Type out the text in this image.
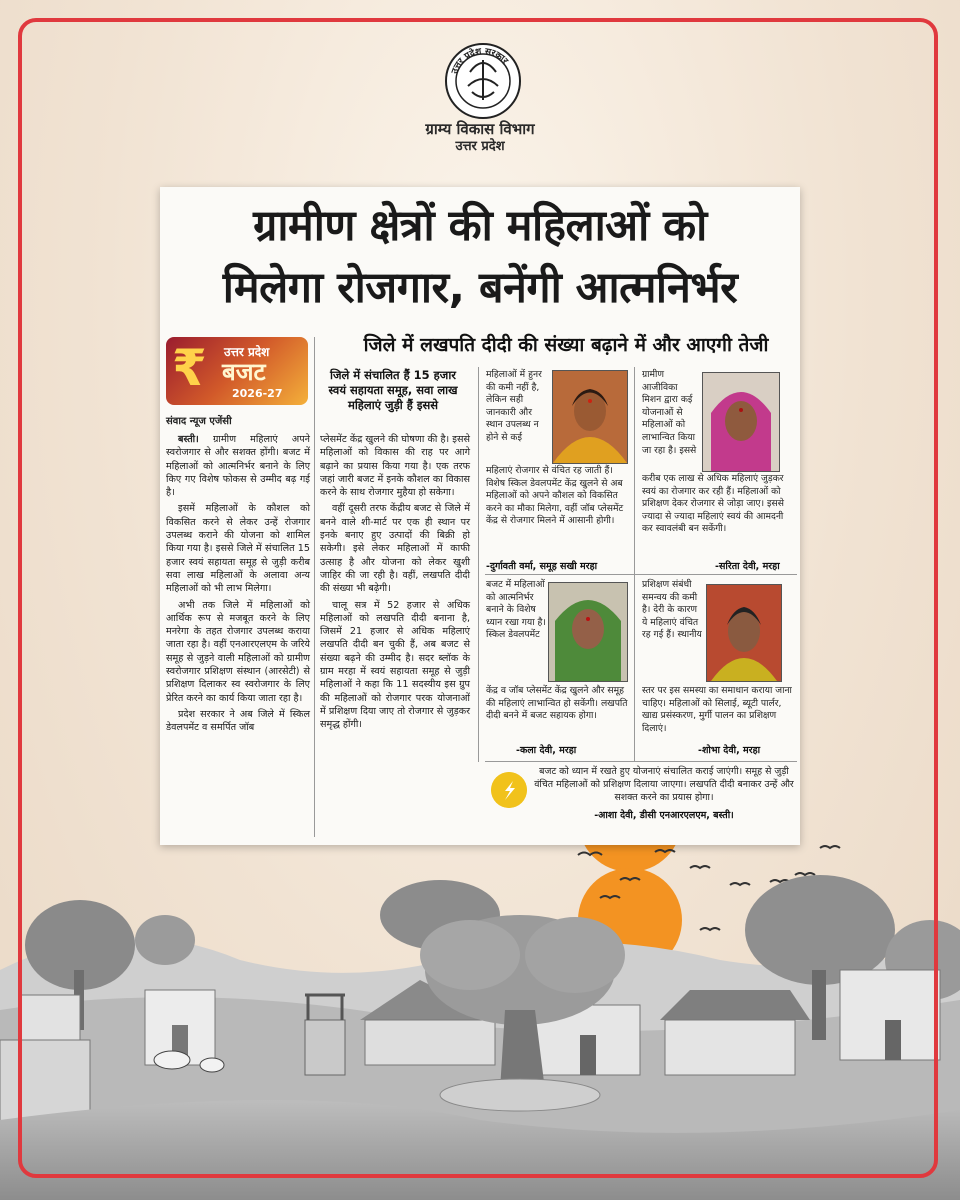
उत्तर प्रदेश सरकार
ग्राम्य विकास विभाग
उत्तर प्रदेश
ग्रामीण क्षेत्रों की महिलाओं को
मिलेगा रोजगार, बनेंगी आत्मनिर्भर
₹ उत्तर प्रदेश
बजट
2026-27
संवाद न्यूज एजेंसी
जिले में लखपति दीदी की संख्या बढ़ाने में और आएगी तेजी
जिले में संचालित हैं 15 हजार स्वयं सहायता समूह, सवा लाख महिलाएं जुड़ी हैं इससे

बस्ती। ग्रामीण महिलाएं अपने स्वरोजगार से और सशक्त होंगी। बजट में महिलाओं को आत्मनिर्भर बनाने के लिए किए गए विशेष फोकस से उम्मीद बढ़ गई है।

इसमें महिलाओं के कौशल को विकसित करने से लेकर उन्हें रोजगार उपलब्ध कराने की योजना को शामिल किया गया है। इससे जिले में संचालित 15 हजार स्वयं सहायता समूह से जुड़ी करीब सवा लाख महिलाओं के अलावा अन्य महिलाओं को भी लाभ मिलेगा।

अभी तक जिले में महिलाओं को आर्थिक रूप से मजबूत करने के लिए मनरेगा के तहत रोजगार उपलब्ध कराया जाता रहा है। वहीं एनआरएलएम के जरिये समूह से जुड़ने वाली महिलाओं को ग्रामीण स्वरोजगार प्रशिक्षण संस्थान (आरसेटी) से प्रशिक्षण दिलाकर स्व स्वरोजगार के लिए प्रेरित करने का कार्य किया जाता रहा है।

प्रदेश सरकार ने अब जिले में स्किल डेवलपमेंट व समर्पित जॉब

प्लेसमेंट केंद्र खुलने की घोषणा की है। इससे महिलाओं को विकास की राह पर आगे बढ़ाने का प्रयास किया गया है। एक तरफ जहां जारी बजट में इनके कौशल का विकास करने के साथ रोजगार मुहैया हो सकेगा।

वहीं दूसरी तरफ केंद्रीय बजट से जिले में बनने वाले शी-मार्ट पर एक ही स्थान पर इनके बनाए हुए उत्पादों की बिक्री हो सकेगी। इसे लेकर महिलाओं में काफी उत्साह है और योजना को लेकर खुशी जाहिर की जा रही है। वहीं, लखपति दीदी की संख्या भी बढ़ेगी।

चालू सत्र में 52 हजार से अधिक महिलाओं को लखपति दीदी बनाना है, जिसमें 21 हजार से अधिक महिलाएं लखपति दीदी बन चुकी हैं, अब बजट से संख्या बढ़ने की उम्मीद है। सदर ब्लॉक के ग्राम मरहा में स्वयं सहायता समूह से जुड़ी महिलाओं ने कहा कि 11 सदस्यीय इस ग्रुप की महिलाओं को रोजगार परक योजनाओं में प्रशिक्षण दिया जाए तो रोजगार से जुड़कर समृद्ध होंगी।

महिलाओं में हुनर की कमी नहीं है, लेकिन सही जानकारी और स्थान उपलब्ध न होने से कई
महिलाएं रोजगार से वंचित रह जाती हैं। विशेष स्किल डेवलपमेंट केंद्र खुलने से अब महिलाओं को अपने कौशल को विकसित करने का मौका मिलेगा, वहीं जॉब प्लेसमेंट केंद्र से रोजगार मिलने में आसानी होगी।
-दुर्गावती वर्मा, समूह सखी मरहा
ग्रामीण आजीविका मिशन द्वारा कई योजनाओं से महिलाओं को लाभान्वित किया जा रहा है। इससे
करीब एक लाख से अधिक महिलाएं जुड़कर स्वयं का रोजगार कर रही हैं। महिलाओं को प्रशिक्षण देकर रोजगार से जोड़ा जाए। इससे ज्यादा से ज्यादा महिलाएं स्वयं की आमदनी कर स्वावलंबी बन सकेंगी।
-सरिता देवी, मरहा
बजट में महिलाओं को आत्मनिर्भर बनाने के विशेष ध्यान रखा गया है। स्किल डेवलपमेंट
केंद्र व जॉब प्लेसमेंट केंद्र खुलने और समूह की महिलाएं लाभान्वित हो सकेंगी। लखपति दीदी बनने में बजट सहायक होगा।
-कला देवी, मरहा
प्रशिक्षण संबंधी समन्वय की कमी है। देरी के कारण ये महिलाएं वंचित रह गई हैं। स्थानीय
स्तर पर इस समस्या का समाधान कराया जाना चाहिए। महिलाओं को सिलाई, ब्यूटी पार्लर, खाद्य प्रसंस्करण, मुर्गी पालन का प्रशिक्षण दिलाएं।
-शोभा देवी, मरहा
बजट को ध्यान में रखते हुए योजनाएं संचालित कराई जाएंगी। समूह से जुड़ी वंचित महिलाओं को प्रशिक्षण दिलाया जाएगा। लखपति दीदी बनाकर उन्हें और सशक्त करने का प्रयास होगा।
-आशा देवी, डीसी एनआरएलएम, बस्ती।
